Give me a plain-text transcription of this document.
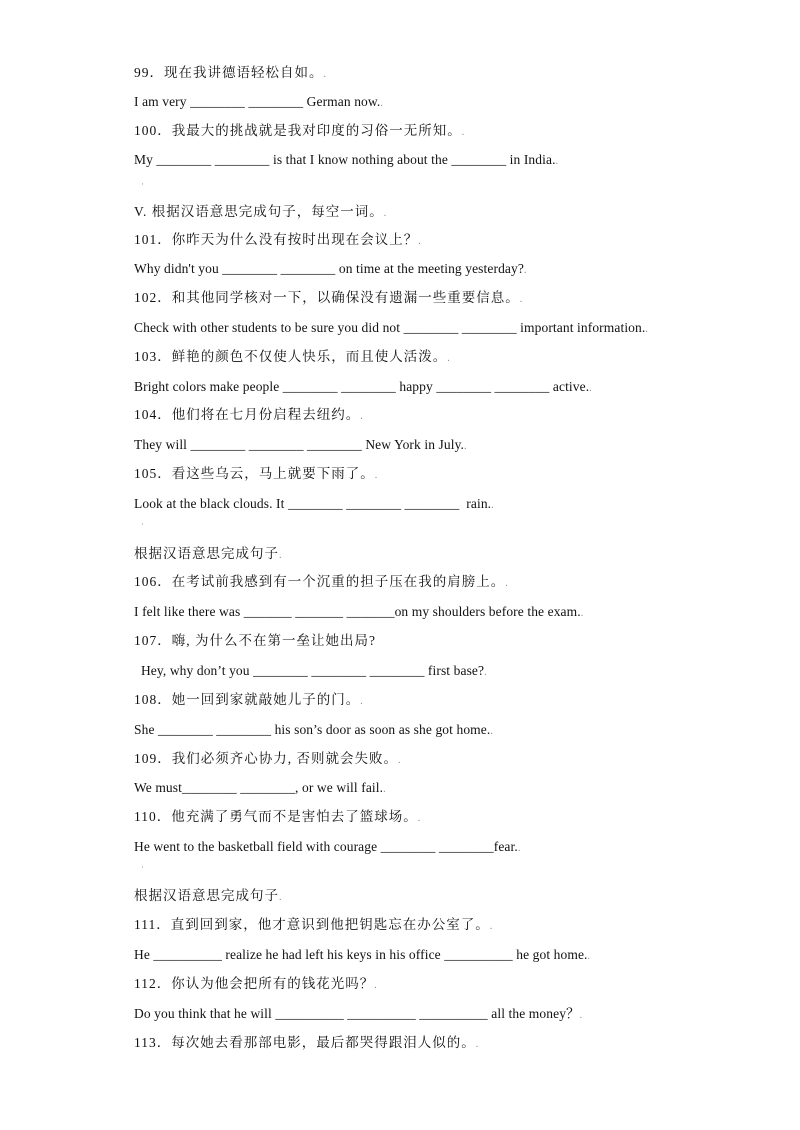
99．现在我讲德语轻松自如。.
I am very ________ ________ German now..
100．我最大的挑战就是我对印度的习俗一无所知。.
My ________ ________ is that I know nothing about the ________ in India..
·
V. 根据汉语意思完成句子，每空一词。.
101．你昨天为什么没有按时出现在会议上？.
Why didn't you ________ ________ on time at the meeting yesterday?.
102．和其他同学核对一下，以确保没有遗漏一些重要信息。.
Check with other students to be sure you did not ________ ________ important information..
103．鲜艳的颜色不仅使人快乐，而且使人活泼。.
Bright colors make people ________ ________ happy ________ ________ active..
104．他们将在七月份启程去纽约。.
They will ________ ________ ________ New York in July..
105．看这些乌云，马上就要下雨了。.
Look at the black clouds. It ________ ________ ________  rain..
·
根据汉语意思完成句子.
106．在考试前我感到有一个沉重的担子压在我的肩膀上。.
I felt like there was _______ _______ _______on my shoulders before the exam..
107．嗨, 为什么不在第一垒让她出局?
Hey, why don’t you ________ ________ ________ first base?.
108．她一回到家就敲她儿子的门。.
She ________ ________ his son’s door as soon as she got home..
109．我们必须齐心协力, 否则就会失败。.
We must________ ________, or we will fail..
110．他充满了勇气而不是害怕去了篮球场。.
He went to the basketball field with courage ________ ________fear..
·
根据汉语意思完成句子.
111．直到回到家，他才意识到他把钥匙忘在办公室了。.
He __________ realize he had left his keys in his office __________ he got home..
112．你认为他会把所有的钱花光吗？.
Do you think that he will __________ __________ __________ all the money？.
113．每次她去看那部电影，最后都哭得跟泪人似的。.
